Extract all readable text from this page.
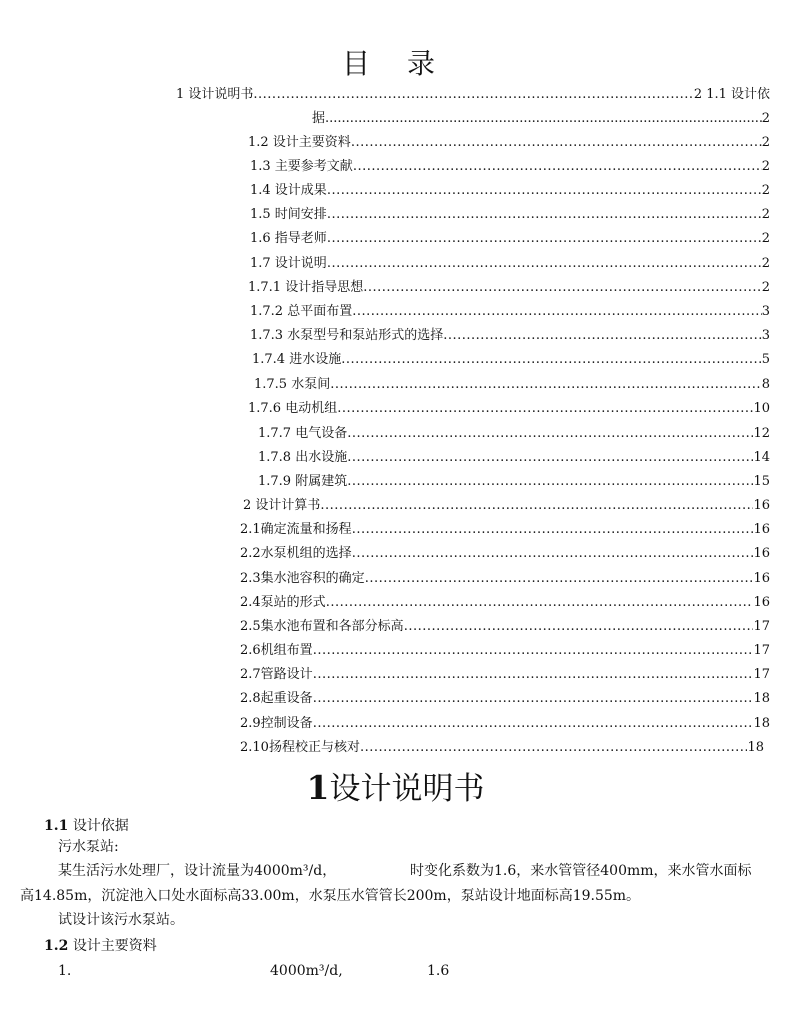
目 录
1 设计说明书 .....	2 1.1 设计依
据 .....	2
1.2 设计主要资料 .....	2
1.3 主要参考文献 .....	2
1.4 设计成果 .....	2
1.5 时间安排 .....	2
1.6 指导老师 .....	2
1.7 设计说明 .....	2
1.7.1 设计指导思想 .....	2
1.7.2 总平面布置 .....	3
1.7.3 水泵型号和泵站形式的选择 .....	3
1.7.4 进水设施 .....	5
1.7.5 水泵间 .....	8
1.7.6 电动机组 .....	10
1.7.7 电气设备 .....	12
1.7.8 出水设施 .....	14
1.7.9 附属建筑 .....	15
2 设计计算书 .....	16
2.1确定流量和扬程 .....	16
2.2水泵机组的选择 .....	16
2.3集水池容积的确定 .....	16
2.4泵站的形式 .....	16
2.5集水池布置和各部分标高 .....	17
2.6机组布置 .....	17
2.7管路设计 .....	17
2.8起重设备 .....	18
2.9控制设备 .....	18
2.10扬程校正与核对 .....	18
1设计说明书
1.1 设计依据
污水泵站:
某生活污水处理厂，设计流量为4000m³/d，	时变化系数为1.6，来水管管径400mm，来水管水面标
高14.85m，沉淀池入口处水面标高33.00m，水泵压水管管长200m，泵站设计地面标高19.55m。
试设计该污水泵站。
1.2 设计主要资料
1.	4000m³/d,	1.6
